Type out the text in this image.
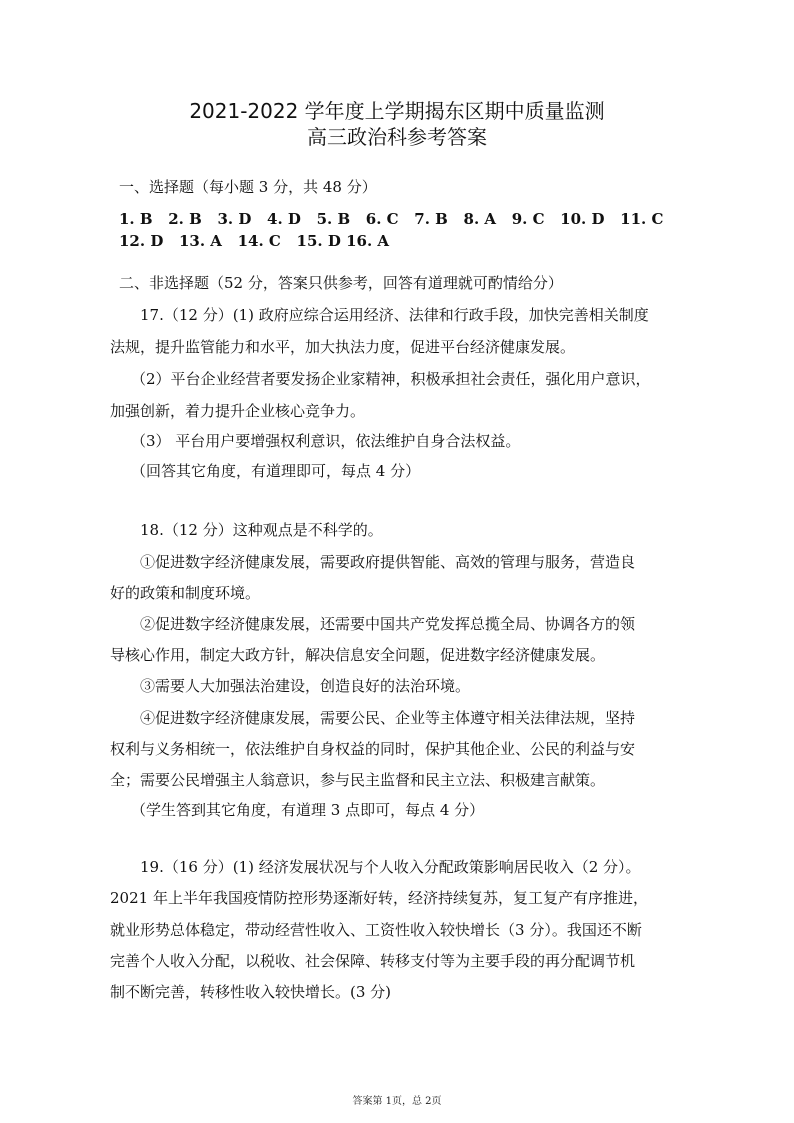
2021-2022 学年度上学期揭东区期中质量监测
高三政治科参考答案
一、选择题（每小题 3 分，共 48 分）
1. B   2. B   3. D   4. D   5. B   6. C   7. B   8. A   9. C   10. D   11. C
12. D   13. A   14. C   15. D 16. A
二、非选择题（52 分，答案只供参考，回答有道理就可酌情给分）
17.（12 分）(1) 政府应综合运用经济、法律和行政手段，加快完善相关制度
法规，提升监管能力和水平，加大执法力度，促进平台经济健康发展。
（2）平台企业经营者要发扬企业家精神，积极承担社会责任，强化用户意识，
加强创新，着力提升企业核心竞争力。
（3） 平台用户要增强权利意识，依法维护自身合法权益。
（回答其它角度，有道理即可，每点 4 分）
18.（12 分）这种观点是不科学的。
①促进数字经济健康发展，需要政府提供智能、高效的管理与服务，营造良
好的政策和制度环境。
②促进数字经济健康发展，还需要中国共产党发挥总揽全局、协调各方的领
导核心作用，制定大政方针，解决信息安全问题，促进数字经济健康发展。
③需要人大加强法治建设，创造良好的法治环境。
④促进数字经济健康发展，需要公民、企业等主体遵守相关法律法规，坚持
权利与义务相统一，依法维护自身权益的同时，保护其他企业、公民的利益与安
全；需要公民增强主人翁意识，参与民主监督和民主立法、积极建言献策。
（学生答到其它角度，有道理 3 点即可，每点 4 分）
19.（16 分）(1) 经济发展状况与个人收入分配政策影响居民收入（2 分）。
2021 年上半年我国疫情防控形势逐渐好转，经济持续复苏，复工复产有序推进，
就业形势总体稳定，带动经营性收入、工资性收入较快增长（3 分）。我国还不断
完善个人收入分配，以税收、社会保障、转移支付等为主要手段的再分配调节机
制不断完善，转移性收入较快增长。(3 分)
答案第 1页，总 2页
